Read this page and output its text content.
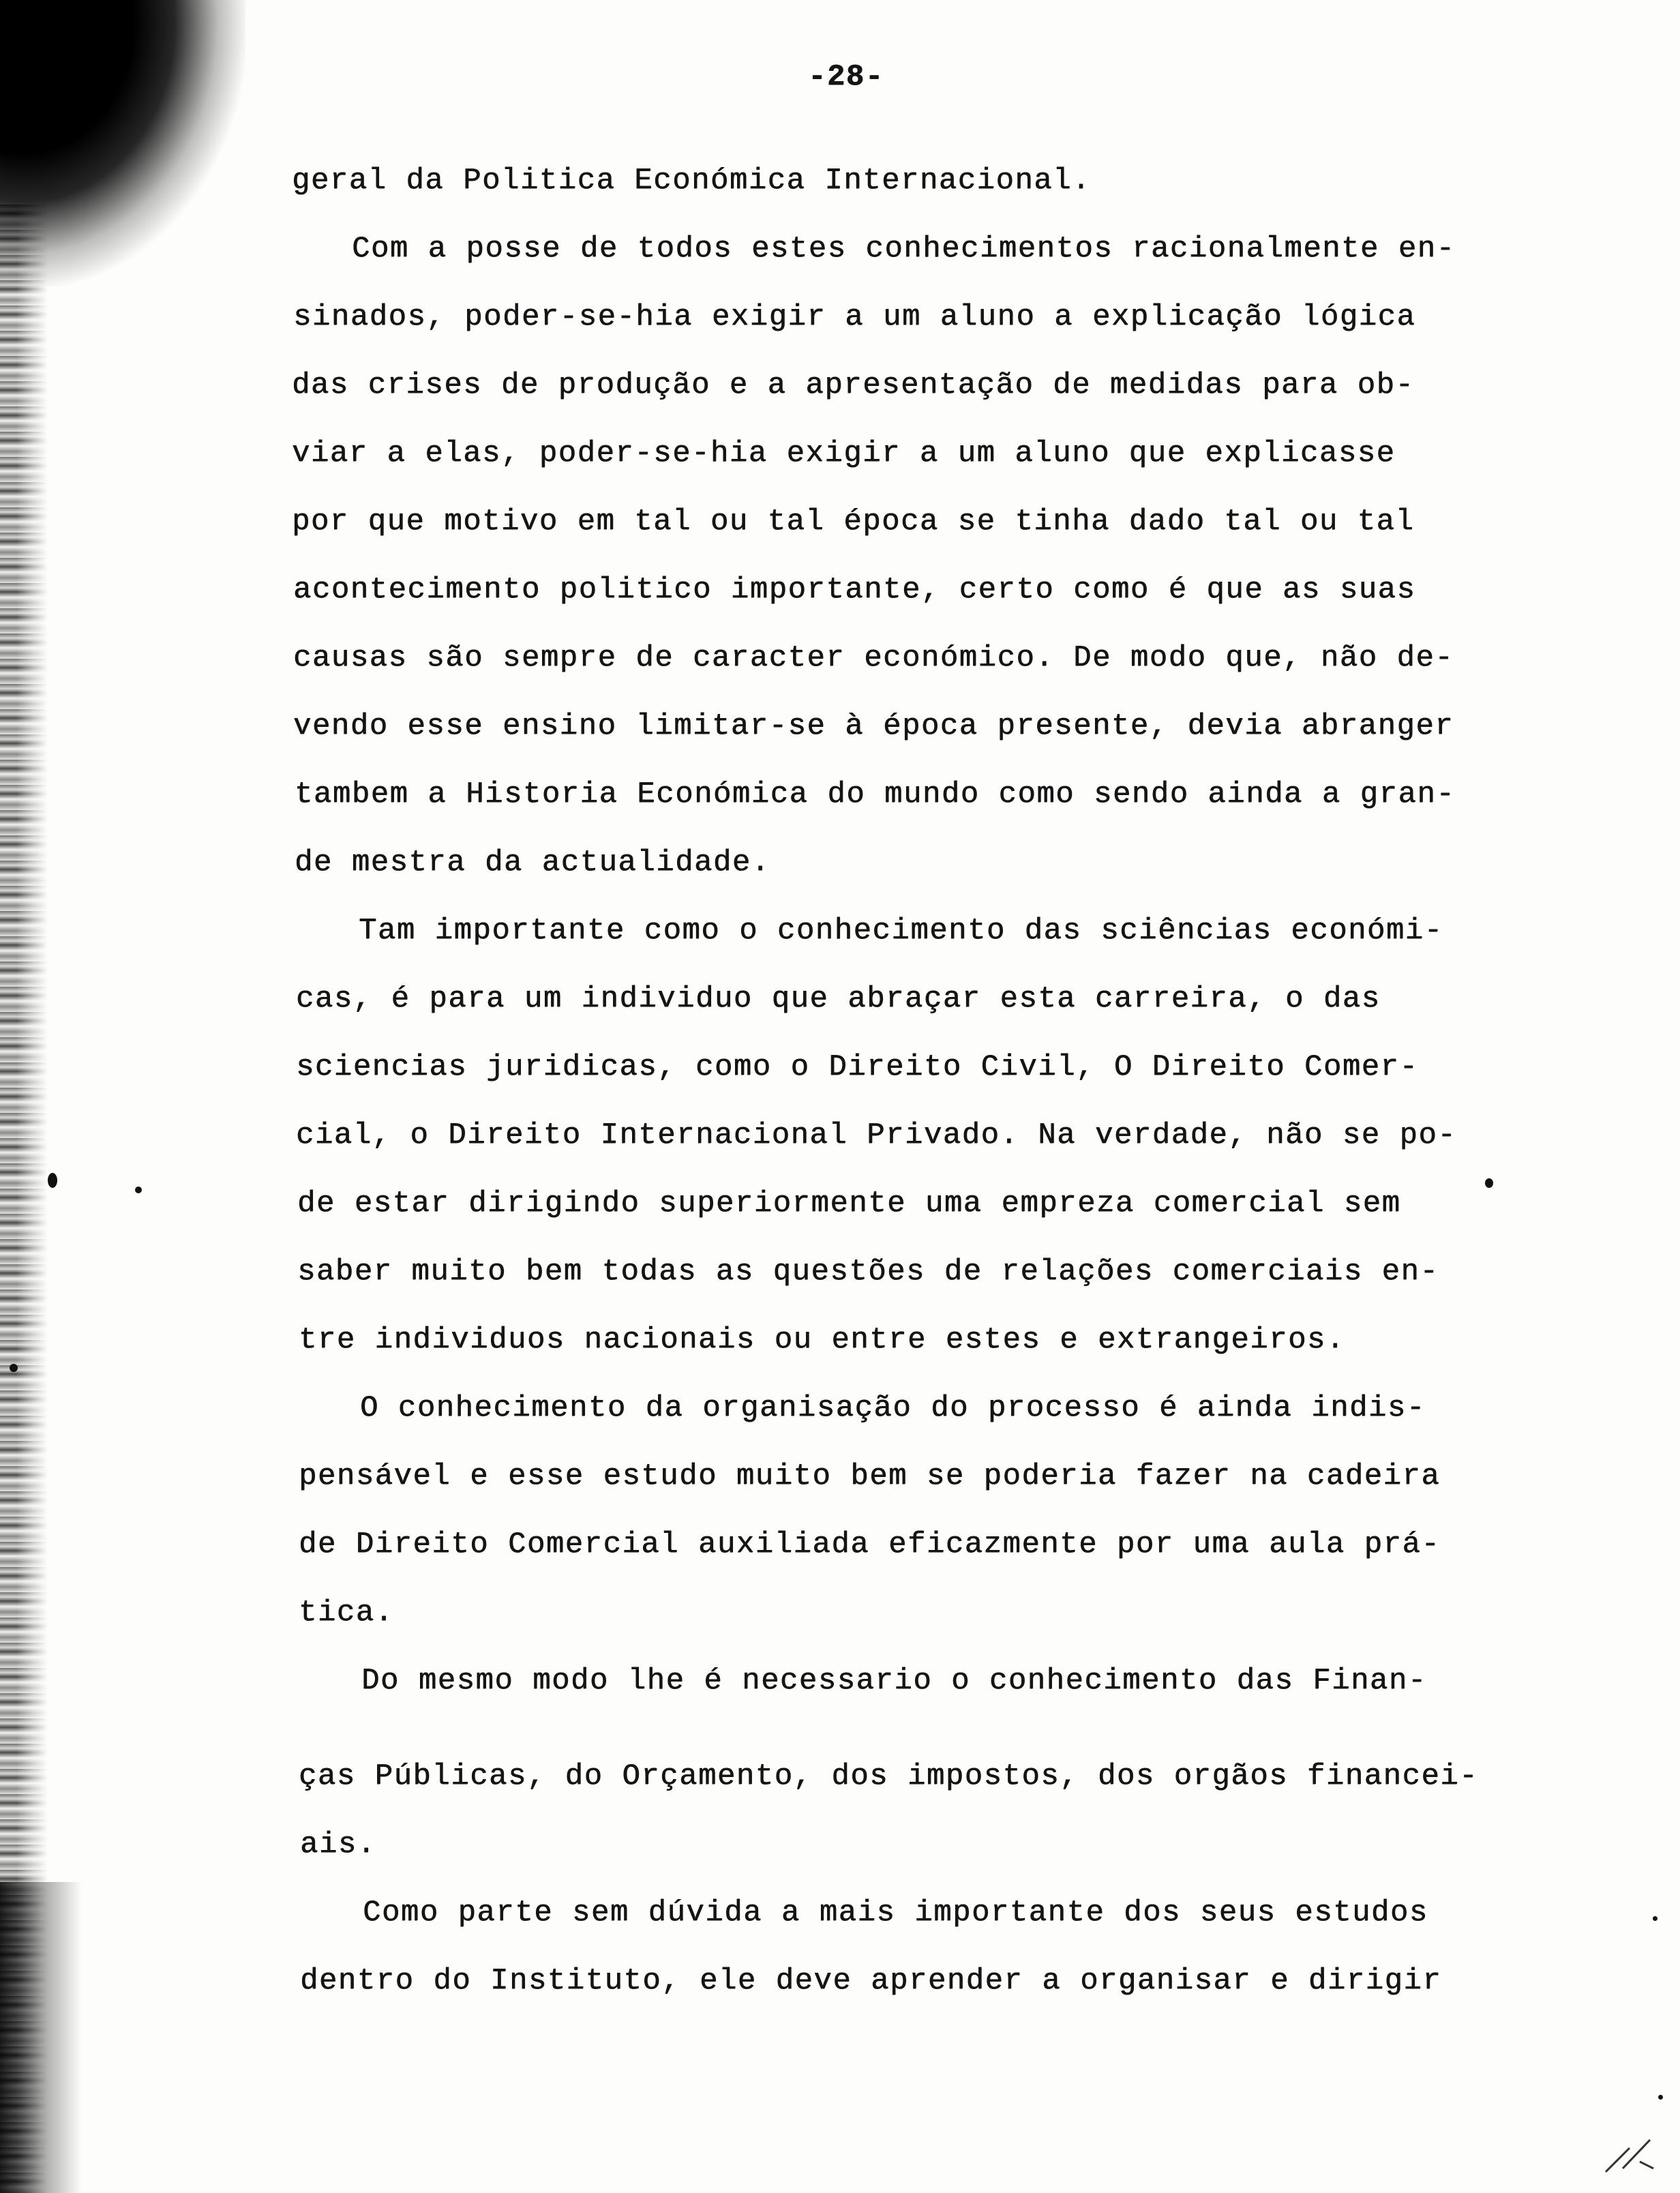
-28-
geral da Politica Económica Internacional.
Com a posse de todos estes conhecimentos racionalmente en-
sinados, poder-se-hia exigir a um aluno a explicação lógica
das crises de produção e a apresentação de medidas para ob-
viar a elas, poder-se-hia exigir a um aluno que explicasse
por que motivo em tal ou tal época se tinha dado tal ou tal
acontecimento politico importante, certo como é que as suas
causas são sempre de caracter económico. De modo que, não de-
vendo esse ensino limitar-se à época presente, devia abranger
tambem a Historia Económica do mundo como sendo ainda a gran-
de mestra da actualidade.
Tam importante como o conhecimento das sciências económi-
cas, é para um individuo que abraçar esta carreira, o das
sciencias juridicas, como o Direito Civil, O Direito Comer-
cial, o Direito Internacional Privado. Na verdade, não se po-
de estar dirigindo superiormente uma empreza comercial sem
saber muito bem todas as questões de relações comerciais en-
tre individuos nacionais ou entre estes e extrangeiros.
O conhecimento da organisação do processo é ainda indis-
pensável e esse estudo muito bem se poderia fazer na cadeira
de Direito Comercial auxiliada eficazmente por uma aula prá-
tica.
Do mesmo modo lhe é necessario o conhecimento das Finan-
ças Públicas, do Orçamento, dos impostos, dos orgãos financei-
ais.
Como parte sem dúvida a mais importante dos seus estudos
dentro do Instituto, ele deve aprender a organisar e dirigir
